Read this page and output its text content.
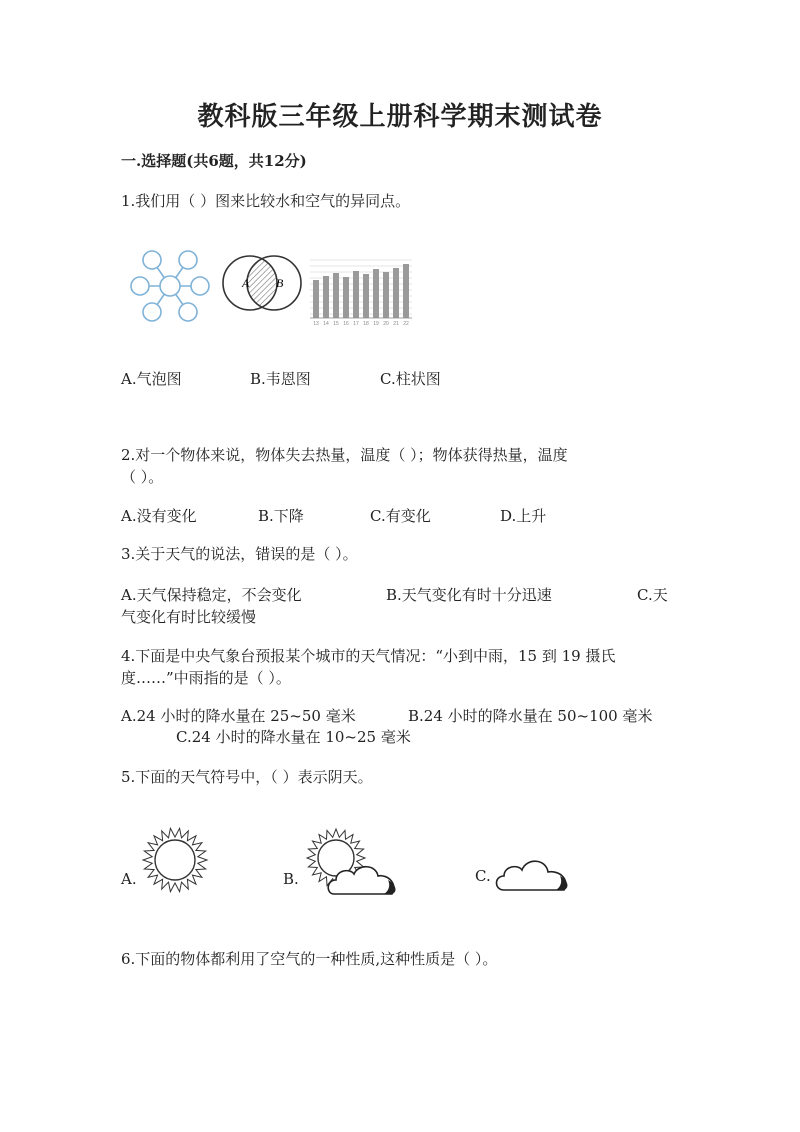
教科版三年级上册科学期末测试卷
一.选择题(共6题，共12分)
1.我们用（ ）图来比较水和空气的异同点。
A B
13 14 15 16 17 18 19 20 21 22
A.气泡图	B.韦恩图	C.柱状图
2.对一个物体来说，物体失去热量，温度（ ）；物体获得热量，温度
（ ）。
A.没有变化	B.下降	C.有变化	D.上升
3.关于天气的说法，错误的是（ ）。
A.天气保持稳定，不会变化	B.天气变化有时十分迅速	C.天
气变化有时比较缓慢
4.下面是中央气象台预报某个城市的天气情况：“小到中雨，15 到 19 摄氏
度……”中雨指的是（ ）。
A.24 小时的降水量在 25~50 毫米	B.24 小时的降水量在 50~100 毫米
C.24 小时的降水量在 10~25 毫米
5.下面的天气符号中，（ ）表示阴天。
A.	B.	C.
6.下面的物体都利用了空气的一种性质,这种性质是（ ）。
